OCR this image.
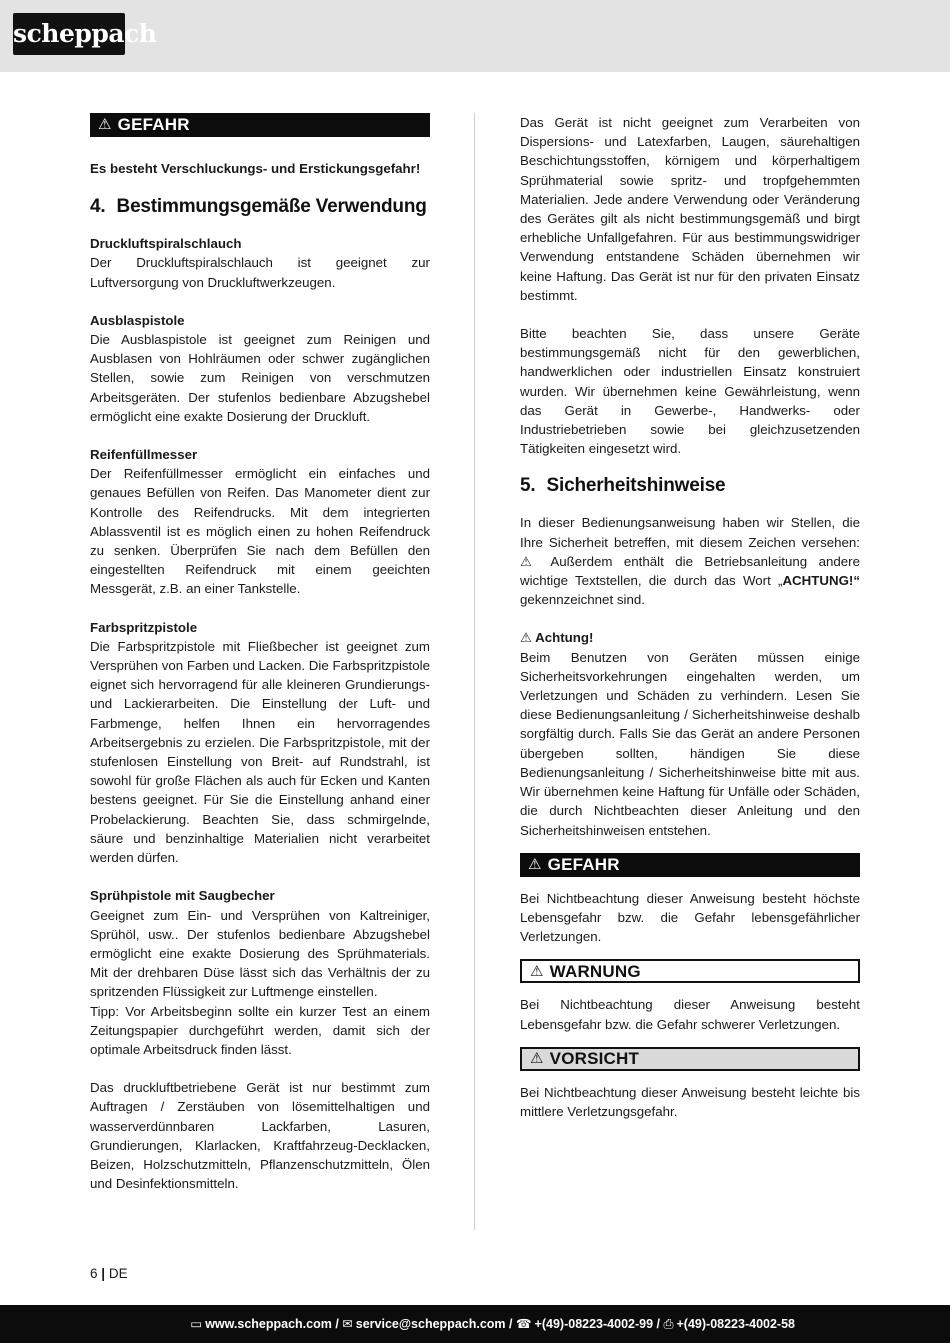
scheppach
⚠ GEFAHR

Es besteht Verschluckungs- und Erstickungsgefahr!

4. Bestimmungsgemäße Verwendung

Druckluftspiralschlauch

Der Druckluftspiralschlauch ist geeignet zur Luftversorgung von Druckluftwerkzeugen.

Ausblaspistole

Die Ausblaspistole ist geeignet zum Reinigen und Ausblasen von Hohlräumen oder schwer zugänglichen Stellen, sowie zum Reinigen von verschmutzen Arbeitsgeräten. Der stufenlos bedienbare Abzugshebel ermöglicht eine exakte Dosierung der Druckluft.

Reifenfüllmesser

Der Reifenfüllmesser ermöglicht ein einfaches und genaues Befüllen von Reifen. Das Manometer dient zur Kontrolle des Reifendrucks. Mit dem integrierten Ablassventil ist es möglich einen zu hohen Reifendruck zu senken. Überprüfen Sie nach dem Befüllen den eingestellten Reifendruck mit einem geeichten Messgerät, z.B. an einer Tankstelle.

Farbspritzpistole

Die Farbspritzpistole mit Fließbecher ist geeignet zum Versprühen von Farben und Lacken. Die Farbspritzpistole eignet sich hervorragend für alle kleineren Grundierungs- und Lackierarbeiten. Die Einstellung der Luft- und Farbmenge, helfen Ihnen ein hervorragendes Arbeitsergebnis zu erzielen. Die Farbspritzpistole, mit der stufenlosen Einstellung von Breit- auf Rundstrahl, ist sowohl für große Flächen als auch für Ecken und Kanten bestens geeignet. Für Sie die Einstellung anhand einer Probelackierung. Beachten Sie, dass schmirgelnde, säure und benzinhaltige Materialien nicht verarbeitet werden dürfen.

Sprühpistole mit Saugbecher

Geeignet zum Ein- und Versprühen von Kaltreiniger, Sprühöl, usw.. Der stufenlos bedienbare Abzugshebel ermöglicht eine exakte Dosierung des Sprühmaterials. Mit der drehbaren Düse lässt sich das Verhältnis der zu spritzenden Flüssigkeit zur Luftmenge einstellen.

Tipp: Vor Arbeitsbeginn sollte ein kurzer Test an einem Zeitungspapier durchgeführt werden, damit sich der optimale Arbeitsdruck finden lässt.

Das druckluftbetriebene Gerät ist nur bestimmt zum Auftragen / Zerstäuben von lösemittelhaltigen und wasserverdünnbaren Lackfarben, Lasuren, Grundierungen, Klarlacken, Kraftfahrzeug-Decklacken, Beizen, Holzschutzmitteln, Pflanzenschutzmitteln, Ölen und Desinfektionsmitteln.

Das Gerät ist nicht geeignet zum Verarbeiten von Dispersions- und Latexfarben, Laugen, säurehaltigen Beschichtungsstoffen, körnigem und körperhaltigem Sprühmaterial sowie spritz- und tropfgehemmten Materialien. Jede andere Verwendung oder Veränderung des Gerätes gilt als nicht bestimmungsgemäß und birgt erhebliche Unfallgefahren. Für aus bestimmungswidriger Verwendung entstandene Schäden übernehmen wir keine Haftung. Das Gerät ist nur für den privaten Einsatz bestimmt.

Bitte beachten Sie, dass unsere Geräte bestimmungsgemäß nicht für den gewerblichen, handwerklichen oder industriellen Einsatz konstruiert wurden. Wir übernehmen keine Gewährleistung, wenn das Gerät in Gewerbe-, Handwerks- oder Industriebetrieben sowie bei gleichzusetzenden Tätigkeiten eingesetzt wird.

5. Sicherheitshinweise

In dieser Bedienungsanweisung haben wir Stellen, die Ihre Sicherheit betreffen, mit diesem Zeichen versehen: ⚠ Außerdem enthält die Betriebsanleitung andere wichtige Textstellen, die durch das Wort „ACHTUNG!“ gekennzeichnet sind.

⚠ Achtung!

Beim Benutzen von Geräten müssen einige Sicherheitsvorkehrungen eingehalten werden, um Verletzungen und Schäden zu verhindern. Lesen Sie diese Bedienungsanleitung / Sicherheitshinweise deshalb sorgfältig durch. Falls Sie das Gerät an andere Personen übergeben sollten, händigen Sie diese Bedienungsanleitung / Sicherheitshinweise bitte mit aus. Wir übernehmen keine Haftung für Unfälle oder Schäden, die durch Nichtbeachten dieser Anleitung und den Sicherheitshinweisen entstehen.

⚠ GEFAHR

Bei Nichtbeachtung dieser Anweisung besteht höchste Lebensgefahr bzw. die Gefahr lebensgefährlicher Verletzungen.

⚠ WARNUNG

Bei Nichtbeachtung dieser Anweisung besteht Lebensgefahr bzw. die Gefahr schwerer Verletzungen.

⚠ VORSICHT

Bei Nichtbeachtung dieser Anweisung besteht leichte bis mittlere Verletzungsgefahr.

6 | DE
▭ www.scheppach.com / ✉ service@scheppach.com / ☎ +(49)-08223-4002-99 / ⎙ +(49)-08223-4002-58
